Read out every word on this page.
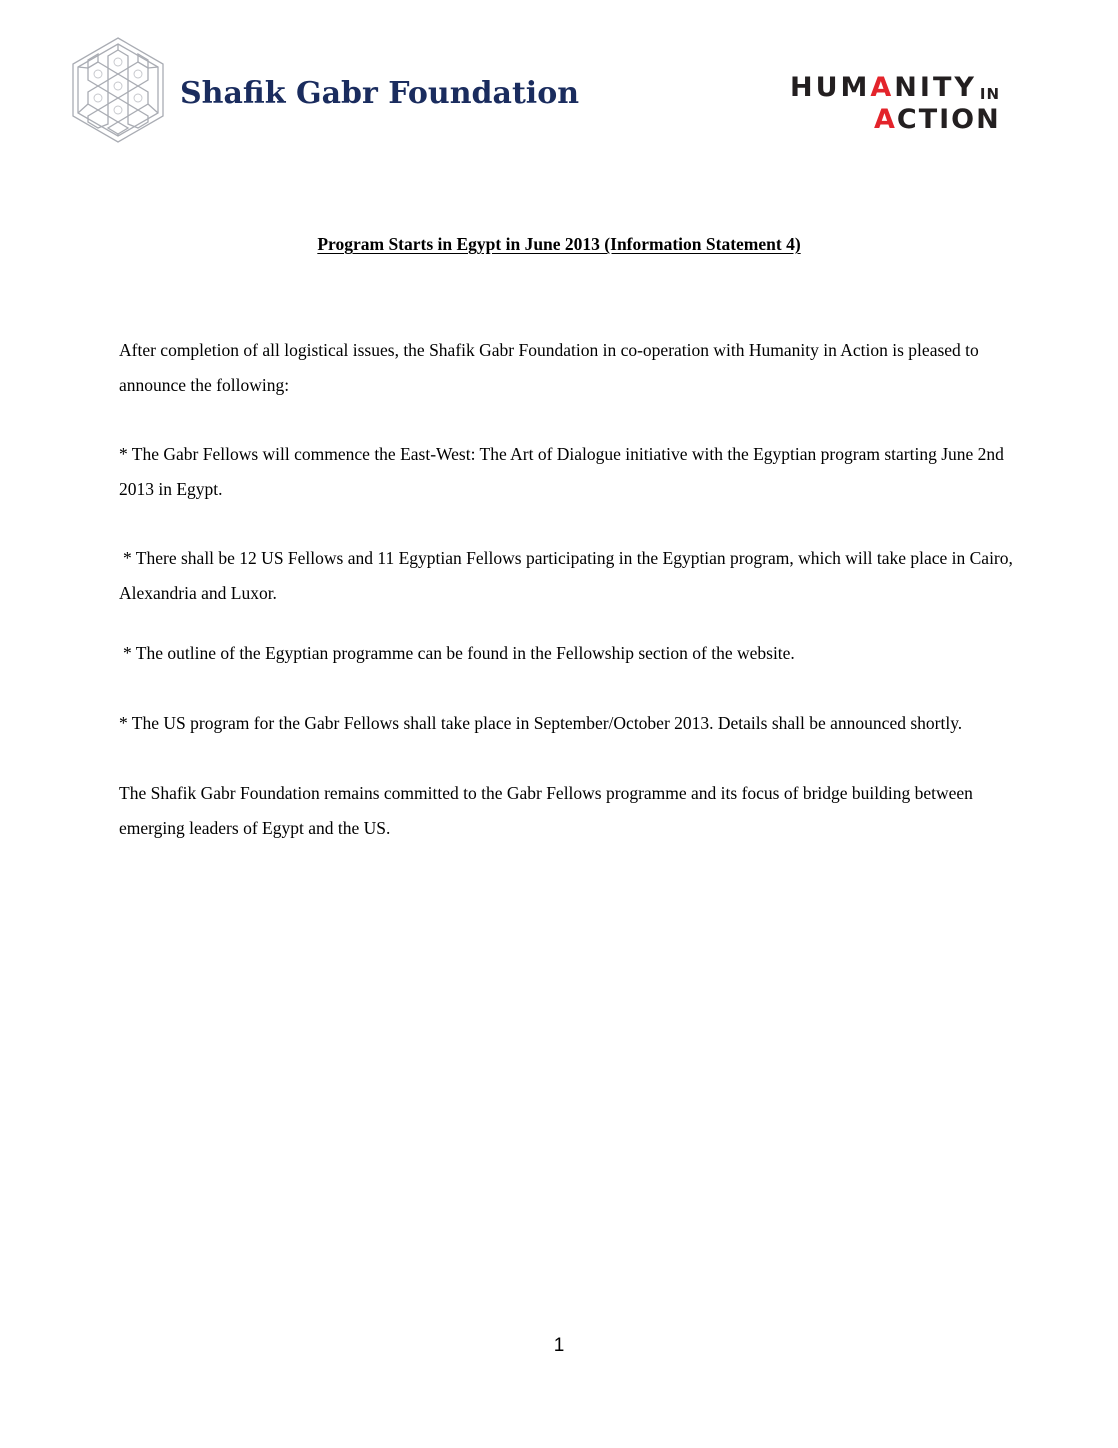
Shafik Gabr Foundation	HUMANITY IN
ACTION
Program Starts in Egypt in June 2013 (Information Statement 4)

After completion of all logistical issues, the Shafik Gabr Foundation in co-operation with Humanity in Action is pleased to announce the following:

* The Gabr Fellows will commence the East-West: The Art of Dialogue initiative with the Egyptian program starting June 2nd 2013 in Egypt.

* There shall be 12 US Fellows and 11 Egyptian Fellows participating in the Egyptian program, which will take place in Cairo, Alexandria and Luxor.

* The outline of the Egyptian programme can be found in the Fellowship section of the website.

* The US program for the Gabr Fellows shall take place in September/October 2013. Details shall be announced shortly.

The Shafik Gabr Foundation remains committed to the Gabr Fellows programme and its focus of bridge building between emerging leaders of Egypt and the US.

1
